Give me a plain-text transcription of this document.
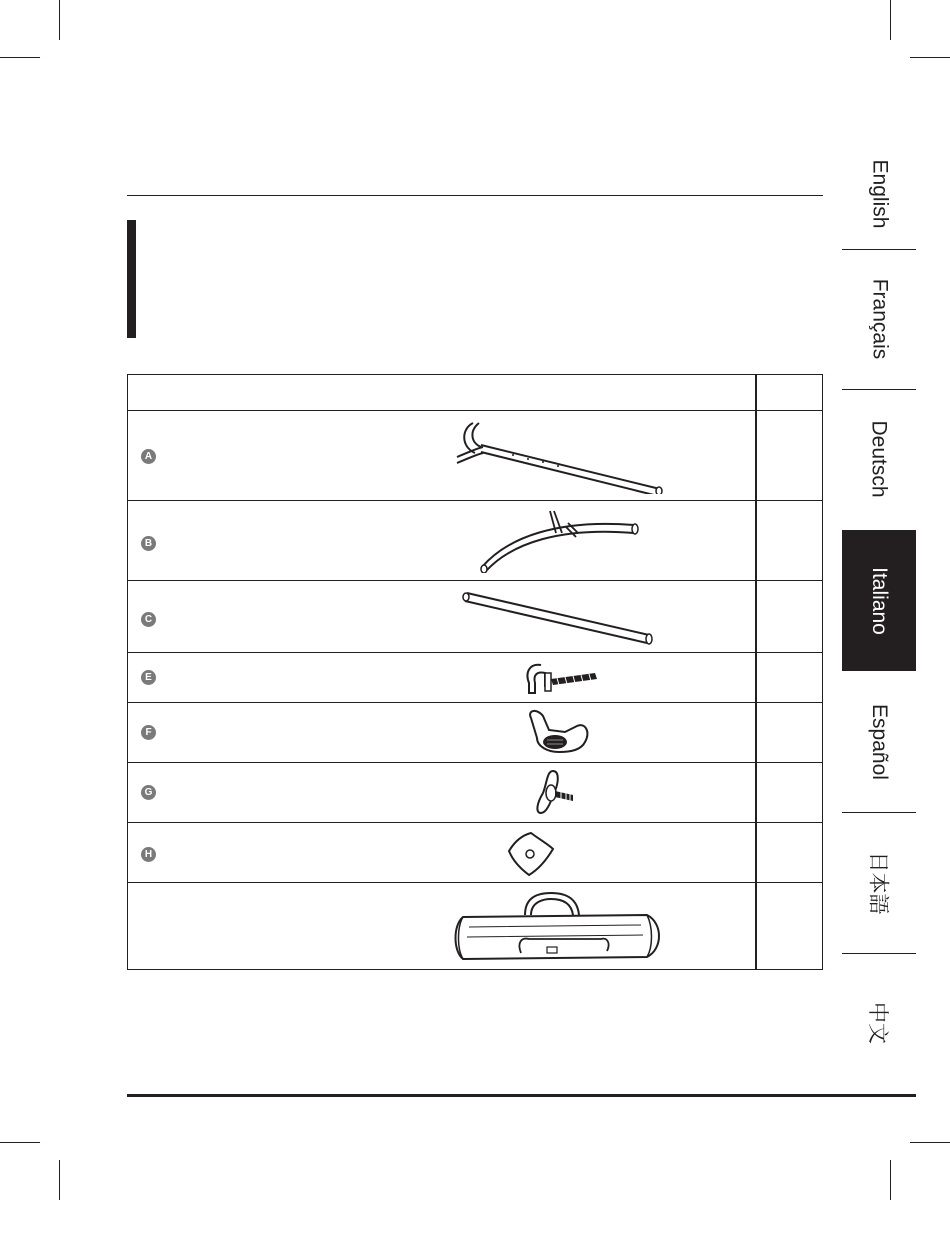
A
B
C
E
F
G
H
English
Français
Deutsch
Italiano
Español
日本語
中文
